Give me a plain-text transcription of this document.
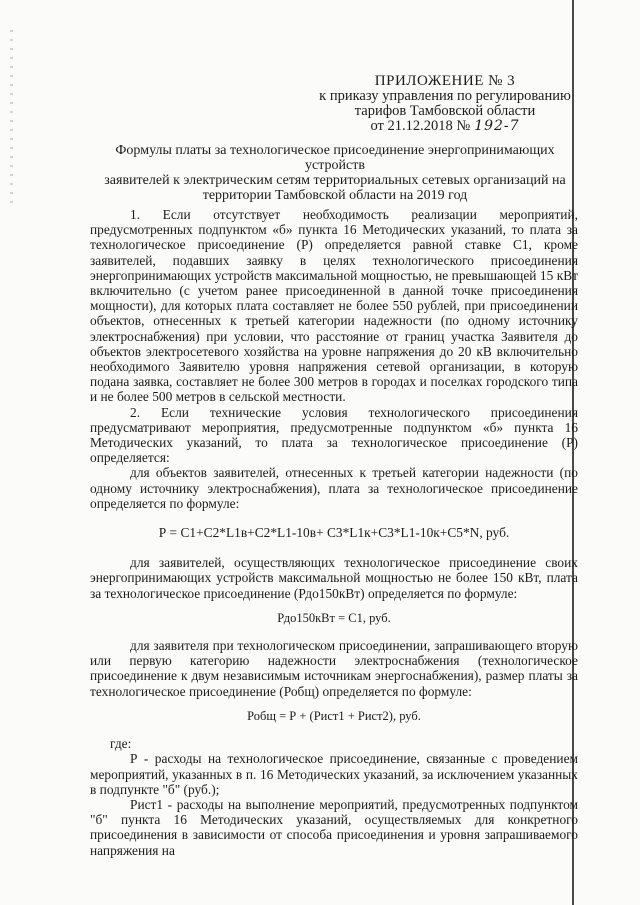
ПРИЛОЖЕНИЕ № 3
к приказу управления по регулированию
тарифов Тамбовской области
от 21.12.2018 № 192-7
Формулы платы за технологическое присоединение энергопринимающих устройств
заявителей к электрическим сетям территориальных сетевых организаций на
территории Тамбовской области на 2019 год

1. Если отсутствует необходимость реализации мероприятий, предусмотренных подпунктом «б» пункта 16 Методических указаний, то плата за технологическое присоединение (Р) определяется равной ставке С1, кроме заявителей, подавших заявку в целях технологического присоединения энергопринимающих устройств максимальной мощностью, не превышающей 15 кВт включительно (с учетом ранее присоединенной в данной точке присоединения мощности), для которых плата составляет не более 550 рублей, при присоединении объектов, отнесенных к третьей категории надежности (по одному источнику электроснабжения) при условии, что расстояние от границ участка Заявителя до объектов электросетевого хозяйства на уровне напряжения до 20 кВ включительно необходимого Заявителю уровня напряжения сетевой организации, в которую подана заявка, составляет не более 300 метров в городах и поселках городского типа и не более 500 метров в сельской местности.

2. Если технические условия технологического присоединения предусматривают мероприятия, предусмотренные подпунктом «б» пункта 16 Методических указаний, то плата за технологическое присоединение (Р) определяется:

для объектов заявителей, отнесенных к третьей категории надежности (по одному источнику электроснабжения), плата за технологическое присоединение определяется по формуле:

Р = С1+С2*L1в+С2*L1-10в+ С3*L1к+С3*L1-10к+С5*N, руб.

для заявителей, осуществляющих технологическое присоединение своих энергопринимающих устройств максимальной мощностью не более 150 кВт, плата за технологическое присоединение (Рдо150кВт) определяется по формуле:

Рдо150кВт = С1, руб.

для заявителя при технологическом присоединении, запрашивающего вторую или первую категорию надежности электроснабжения (технологическое присоединение к двум независимым источникам энергоснабжения), размер платы за технологическое присоединение (Робщ) определяется по формуле:

Робщ = Р + (Рист1 + Рист2), руб.

где:

Р - расходы на технологическое присоединение, связанные с проведением мероприятий, указанных в п. 16 Методических указаний, за исключением указанных в подпункте "б" (руб.);

Рист1 - расходы на выполнение мероприятий, предусмотренных подпунктом "б" пункта 16 Методических указаний, осуществляемых для конкретного присоединения в зависимости от способа присоединения и уровня запрашиваемого напряжения на
